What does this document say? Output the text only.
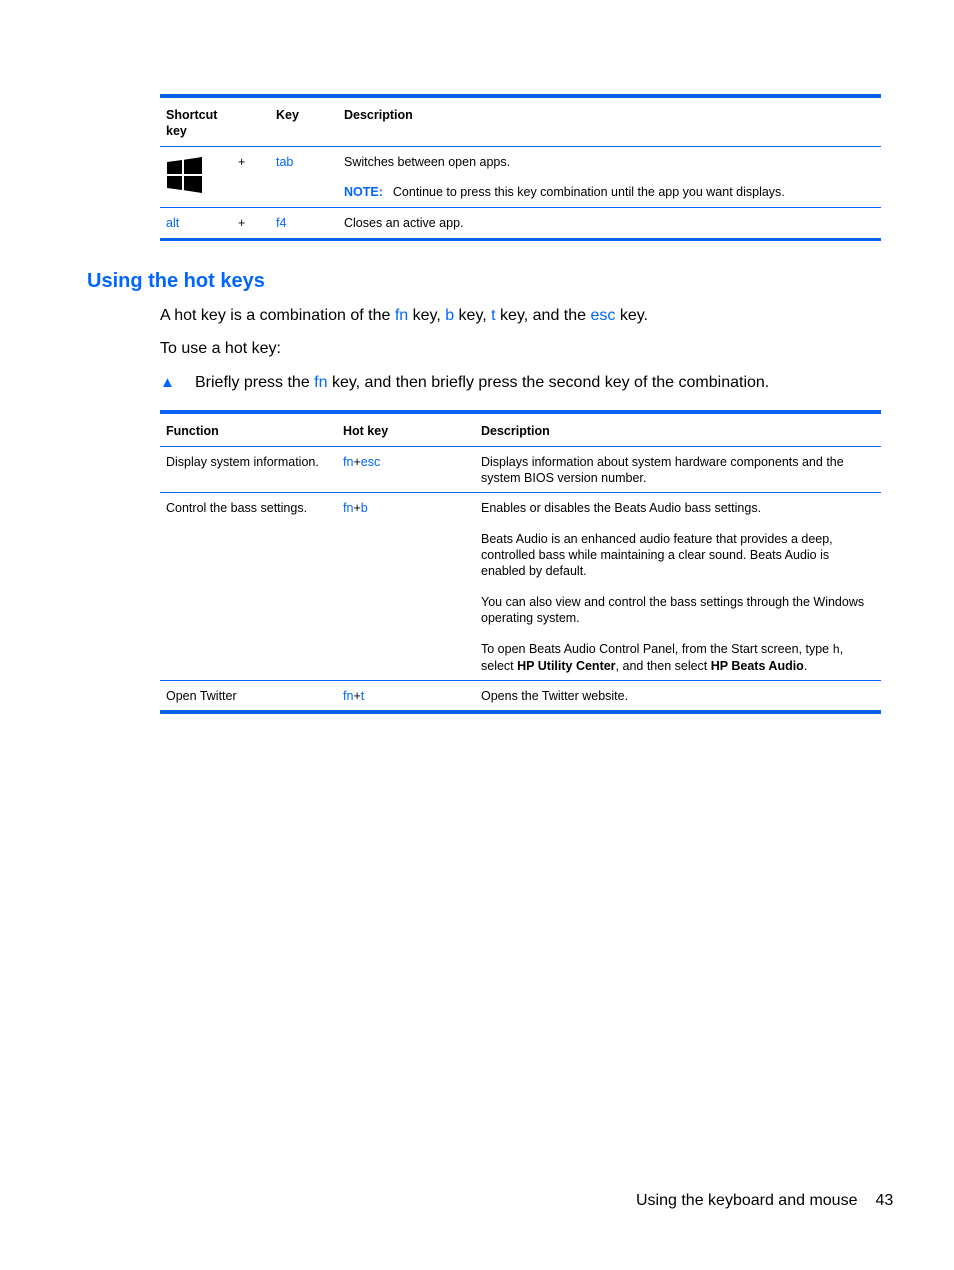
Shortcut key		Key	Description

	+	tab	Switches between open apps.
NOTE: Continue to press this key combination until the app you want displays.

alt	+	f4	Closes an active app.
Using the hot keys

A hot key is a combination of the fn key, b key, t key, and the esc key.

To use a hot key:

▲ Briefly press the fn key, and then briefly press the second key of the combination.

Function	Hot key	Description
Display system information.	fn+esc	Displays information about system hardware components and the system BIOS version number.
Control the bass settings.	fn+b	Enables or disables the Beats Audio bass settings.

Beats Audio is an enhanced audio feature that provides a deep, controlled bass while maintaining a clear sound. Beats Audio is enabled by default.

You can also view and control the bass settings through the Windows operating system.

To open Beats Audio Control Panel, from the Start screen, type h, select HP Utility Center, and then select HP Beats Audio.

Open Twitter	fn+t	Opens the Twitter website.
Using the keyboard and mouse 43
